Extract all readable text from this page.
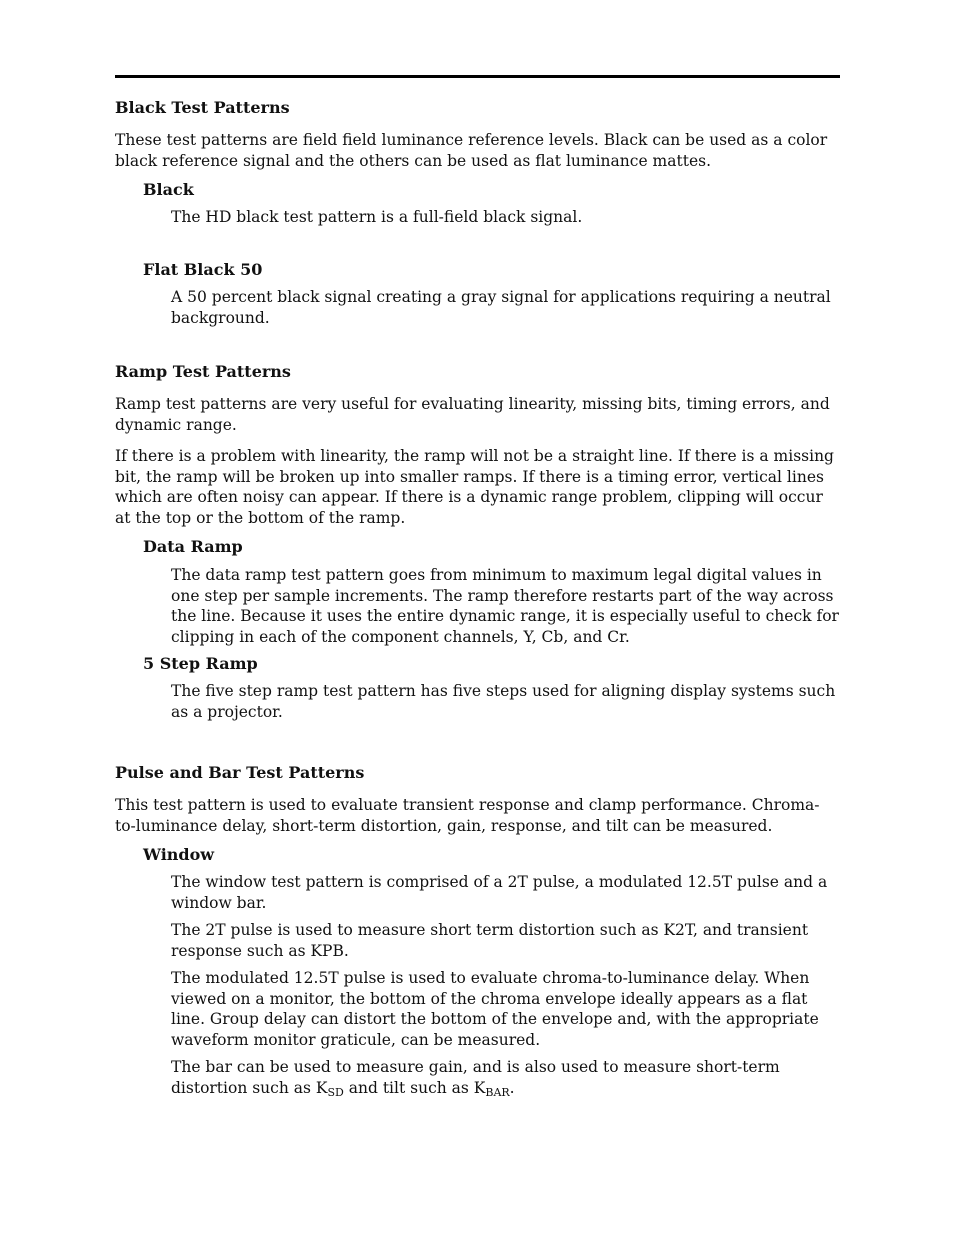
Black Test Patterns

These test patterns are field field luminance reference levels. Black can be used as a color black reference signal and the others can be used as flat luminance mattes.

Black

The HD black test pattern is a full-field black signal.

Flat Black 50

A 50 percent black signal creating a gray signal for applications requiring a neutral background.

Ramp Test Patterns

Ramp test patterns are very useful for evaluating linearity, missing bits, timing errors, and dynamic range.

If there is a problem with linearity, the ramp will not be a straight line. If there is a missing bit, the ramp will be broken up into smaller ramps. If there is a timing error, vertical lines which are often noisy can appear. If there is a dynamic range problem, clipping will occur at the top or the bottom of the ramp.

Data Ramp

The data ramp test pattern goes from minimum to maximum legal digital values in one step per sample increments. The ramp therefore restarts part of the way across the line. Because it uses the entire dynamic range, it is especially useful to check for clipping in each of the component channels, Y, Cb, and Cr.

5 Step Ramp

The five step ramp test pattern has five steps used for aligning display systems such as a projector.

Pulse and Bar Test Patterns

This test pattern is used to evaluate transient response and clamp performance. Chroma-to-luminance delay, short-term distortion, gain, response, and tilt can be measured.

Window

The window test pattern is comprised of a 2T pulse, a modulated 12.5T pulse and a window bar.

The 2T pulse is used to measure short term distortion such as K2T, and transient response such as KPB.

The modulated 12.5T pulse is used to evaluate chroma-to-luminance delay. When viewed on a monitor, the bottom of the chroma envelope ideally appears as a flat line. Group delay can distort the bottom of the envelope and, with the appropriate waveform monitor graticule, can be measured.

The bar can be used to measure gain, and is also used to measure short-term distortion such as $K_{SD}$ and tilt such as $K_{BAR}$.
